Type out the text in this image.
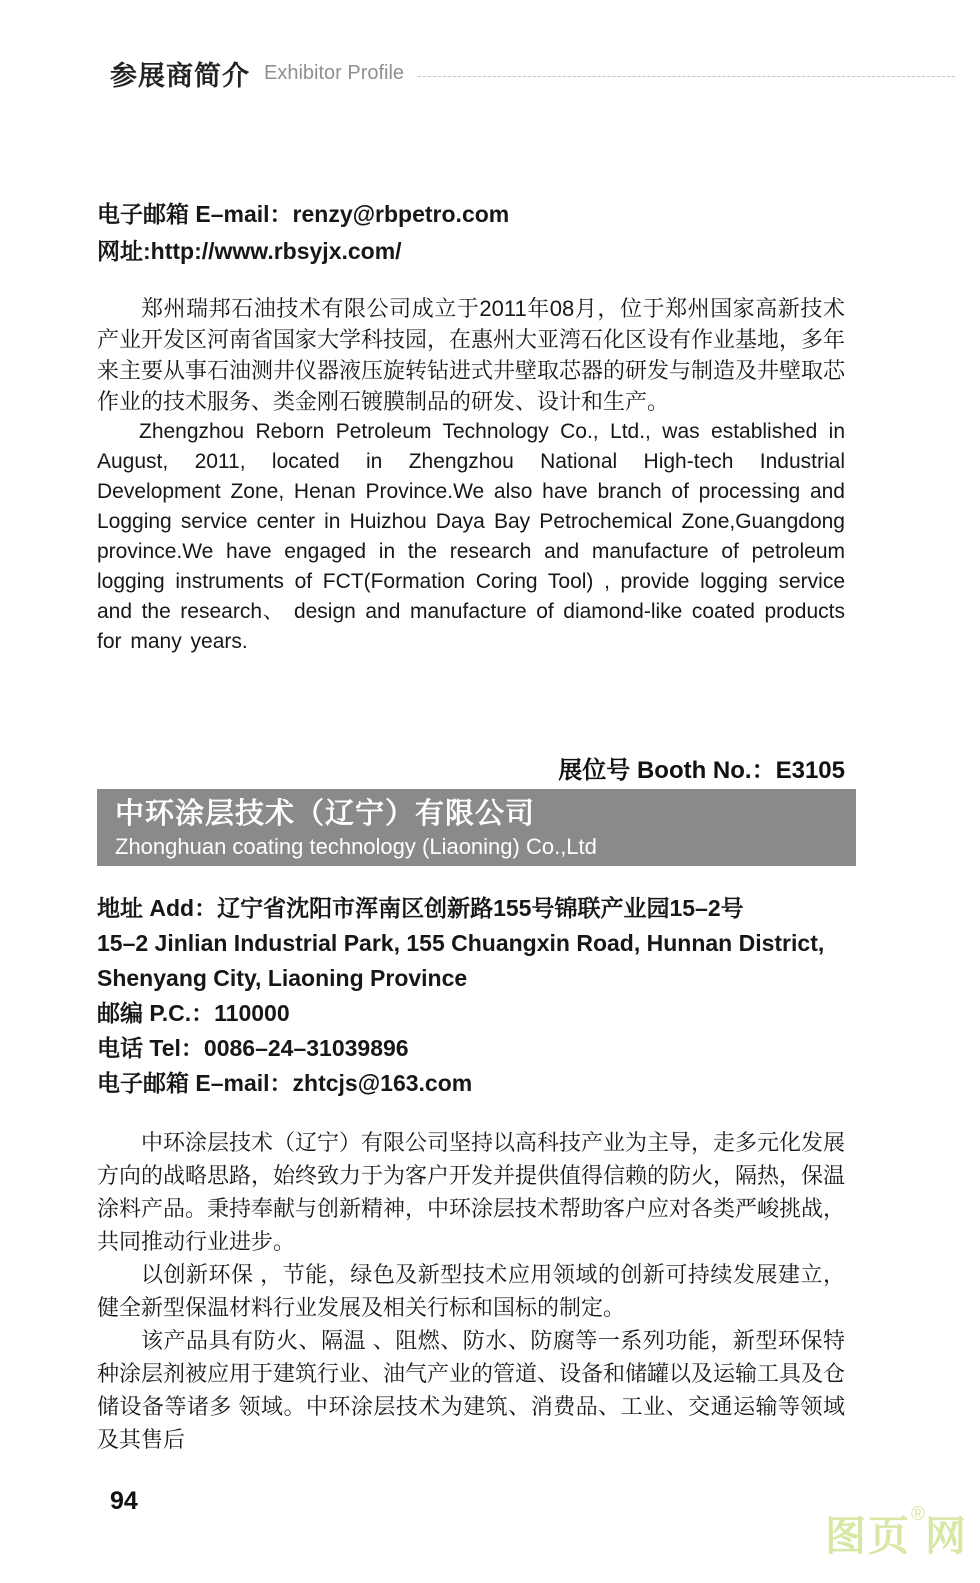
参展商简介 Exhibitor Profile

电子邮箱 E–mail：renzy@rbpetro.com

网址:http://www.rbsyjx.com/

郑州瑞邦石油技术有限公司成立于2011年08月，位于郑州国家高新技术产业开发区河南省国家大学科技园，在惠州大亚湾石化区设有作业基地，多年来主要从事石油测井仪器液压旋转钻进式井壁取芯器的研发与制造及井壁取芯作业的技术服务、类金刚石镀膜制品的研发、设计和生产。

Zhengzhou Reborn Petroleum Technology Co., Ltd., was established in August, 2011, located in Zhengzhou National High-tech Industrial Development Zone, Henan Province.We also have branch of processing and Logging service center in Huizhou Daya Bay Petrochemical Zone,Guangdong province.We have engaged in the research and manufacture of petroleum logging instruments of FCT(Formation Coring Tool) , provide logging service and the research、 design and manufacture of diamond-like coated products for many years.

展位号 Booth No.：E3105

中环涂层技术（辽宁）有限公司

Zhonghuan coating technology (Liaoning) Co.,Ltd

地址 Add：辽宁省沈阳市浑南区创新路155号锦联产业园15–2号

15–2 Jinlian Industrial Park, 155 Chuangxin Road, Hunnan District,

Shenyang City, Liaoning Province

邮编 P.C.：110000

电话 Tel：0086–24–31039896

电子邮箱 E–mail：zhtcjs@163.com

中环涂层技术（辽宁）有限公司坚持以高科技产业为主导，走多元化发展方向的战略思路，始终致力于为客户开发并提供值得信赖的防火，隔热，保温涂料产品。秉持奉献与创新精神，中环涂层技术帮助客户应对各类严峻挑战，共同推动行业进步。

以创新环保 ，节能，绿色及新型技术应用领域的创新可持续发展建立，健全新型保温材料行业发展及相关行标和国标的制定。

该产品具有防火、隔温 、阻燃、防水、防腐等一系列功能，新型环保特种涂层剂被应用于建筑行业、油气产业的管道、设备和储罐以及运输工具及仓储设备等诸多 领域。中环涂层技术为建筑、消费品、工业、交通运输等领域及其售后

94
图页®网
